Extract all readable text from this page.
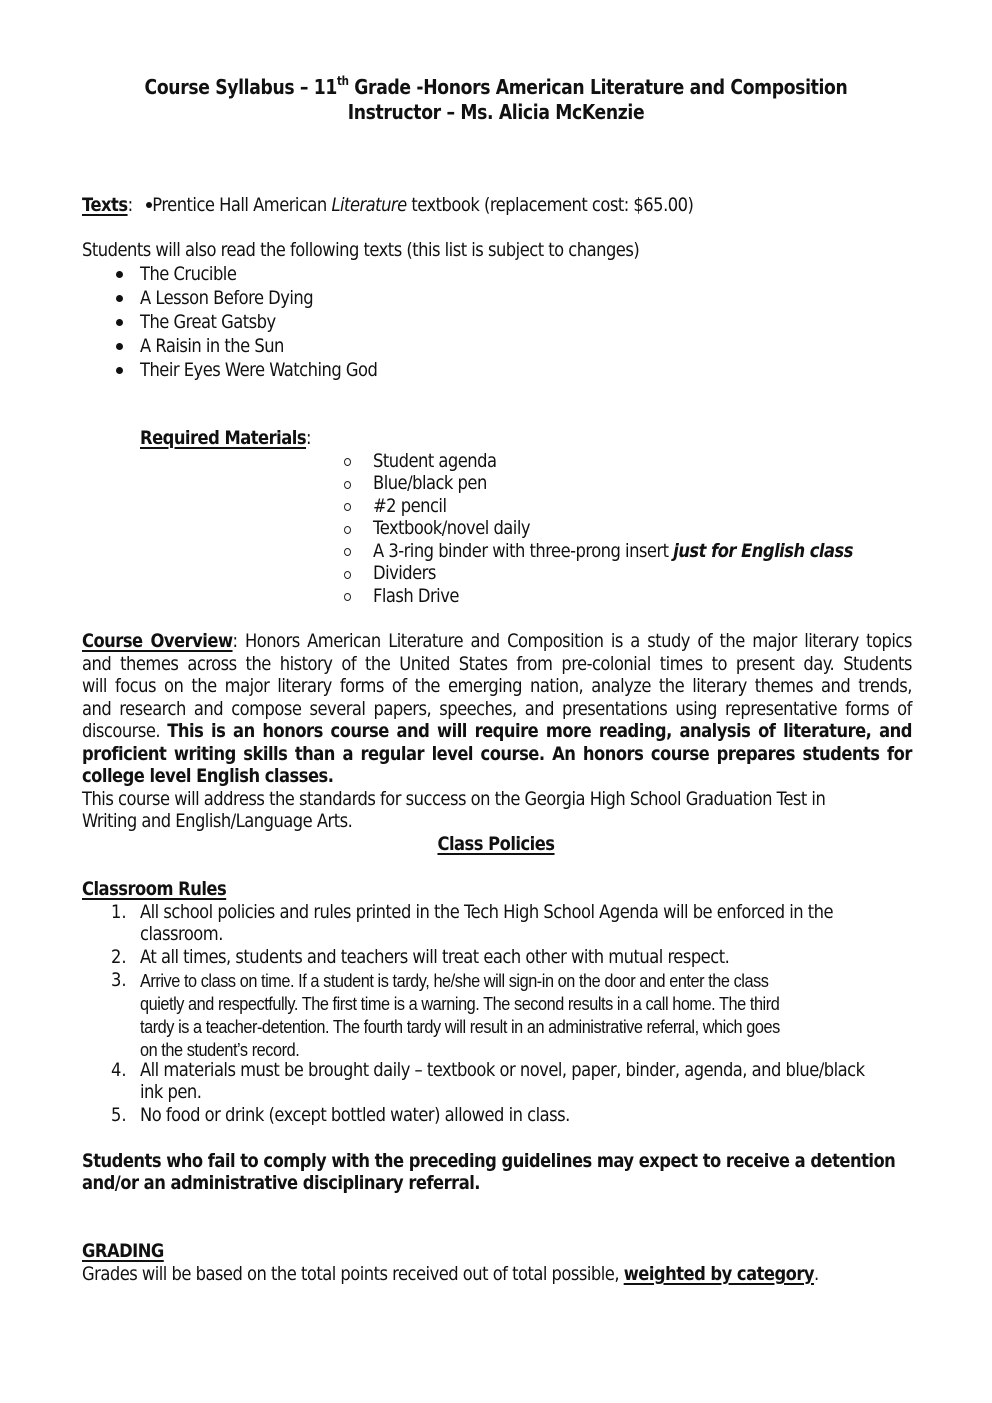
Course Syllabus – 11th Grade -Honors American Literature and Composition
Instructor – Ms. Alicia McKenzie
Texts: Prentice Hall American Literature textbook (replacement cost: $65.00)
Students will also read the following texts (this list is subject to changes)
The Crucible
A Lesson Before Dying
The Great Gatsby
A Raisin in the Sun
Their Eyes Were Watching God
Required Materials:
Student agenda
Blue/black pen
#2 pencil
Textbook/novel daily
A 3-ring binder with three-prong insert just for English class
Dividers
Flash Drive
Course Overview: Honors American Literature and Composition is a study of the major literary topics
and themes across the history of the United States from pre-colonial times to present day. Students
will focus on the major literary forms of the emerging nation, analyze the literary themes and trends,
and research and compose several papers, speeches, and presentations using representative forms of
discourse. This is an honors course and will require more reading, analysis of literature, and
proficient writing skills than a regular level course. An honors course prepares students for
college level English classes.
This course will address the standards for success on the Georgia High School Graduation Test in
Writing and English/Language Arts.
Class Policies
Classroom Rules
1. All school policies and rules printed in the Tech High School Agenda will be enforced in the
classroom.
2. At all times, students and teachers will treat each other with mutual respect.
3. Arrive to class on time. If a student is tardy, he/she will sign-in on the door and enter the class
quietly and respectfully. The first time is a warning. The second results in a call home. The third
tardy is a teacher-detention. The fourth tardy will result in an administrative referral, which goes
on the student’s record.
4. All materials must be brought daily – textbook or novel, paper, binder, agenda, and blue/black
ink pen.
5. No food or drink (except bottled water) allowed in class.
Students who fail to comply with the preceding guidelines may expect to receive a detention
and/or an administrative disciplinary referral.
GRADING
Grades will be based on the total points received out of total possible, weighted by category.
